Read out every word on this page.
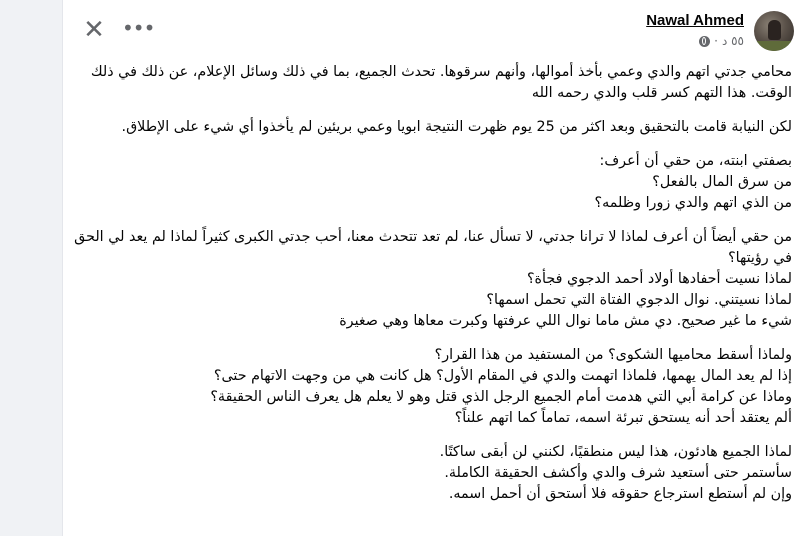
✕ •••	Nawal Ahmed
٥٥ د
·
محامي جدتي اتهم والدي وعمي بأخذ أموالها، وأنهم سرقوها. تحدث الجميع، بما في ذلك وسائل الإعلام، عن ذلك في ذلك الوقت. هذا التهم كسر قلب والدي رحمه الله
لكن النيابة قامت بالتحقيق وبعد اكثر من 25 يوم ظهرت النتيجة ابويا وعمي بريئين لم يأخذوا أي شيء على الإطلاق.
بصفتي ابنته، من حقي أن أعرف:
من سرق المال بالفعل؟
من الذي اتهم والدي زورا وظلمه؟
من حقي أيضاً أن أعرف لماذا لا ترانا جدتي، لا تسأل عنا، لم تعد تتحدث معنا، أحب جدتي الكبرى كثيراً لماذا لم يعد لي الحق في رؤيتها؟
لماذا نسيت أحفادها أولاد أحمد الدجوي فجأة؟
لماذا نسيتني. نوال الدجوي الفتاة التي تحمل اسمها؟
شيء ما غير صحيح. دي مش ماما نوال اللي عرفتها وكبرت معاها وهي صغيرة
ولماذا أسقط محاميها الشكوى؟ من المستفيد من هذا القرار؟
إذا لم يعد المال يهمها، فلماذا اتهمت والدي في المقام الأول؟ هل كانت هي من وجهت الاتهام حتى؟
وماذا عن كرامة أبي التي هدمت أمام الجميع الرجل الذي قتل وهو لا يعلم هل يعرف الناس الحقيقة؟
ألم يعتقد أحد أنه يستحق تبرئة اسمه، تماماً كما اتهم علناً؟
لماذا الجميع هادئون، هذا ليس منطقيًا، لكنني لن أبقى ساكتًا.
سأستمر حتى أستعيد شرف والدي وأكشف الحقيقة الكاملة.
وإن لم أستطع استرجاع حقوقه فلا أستحق أن أحمل اسمه.
